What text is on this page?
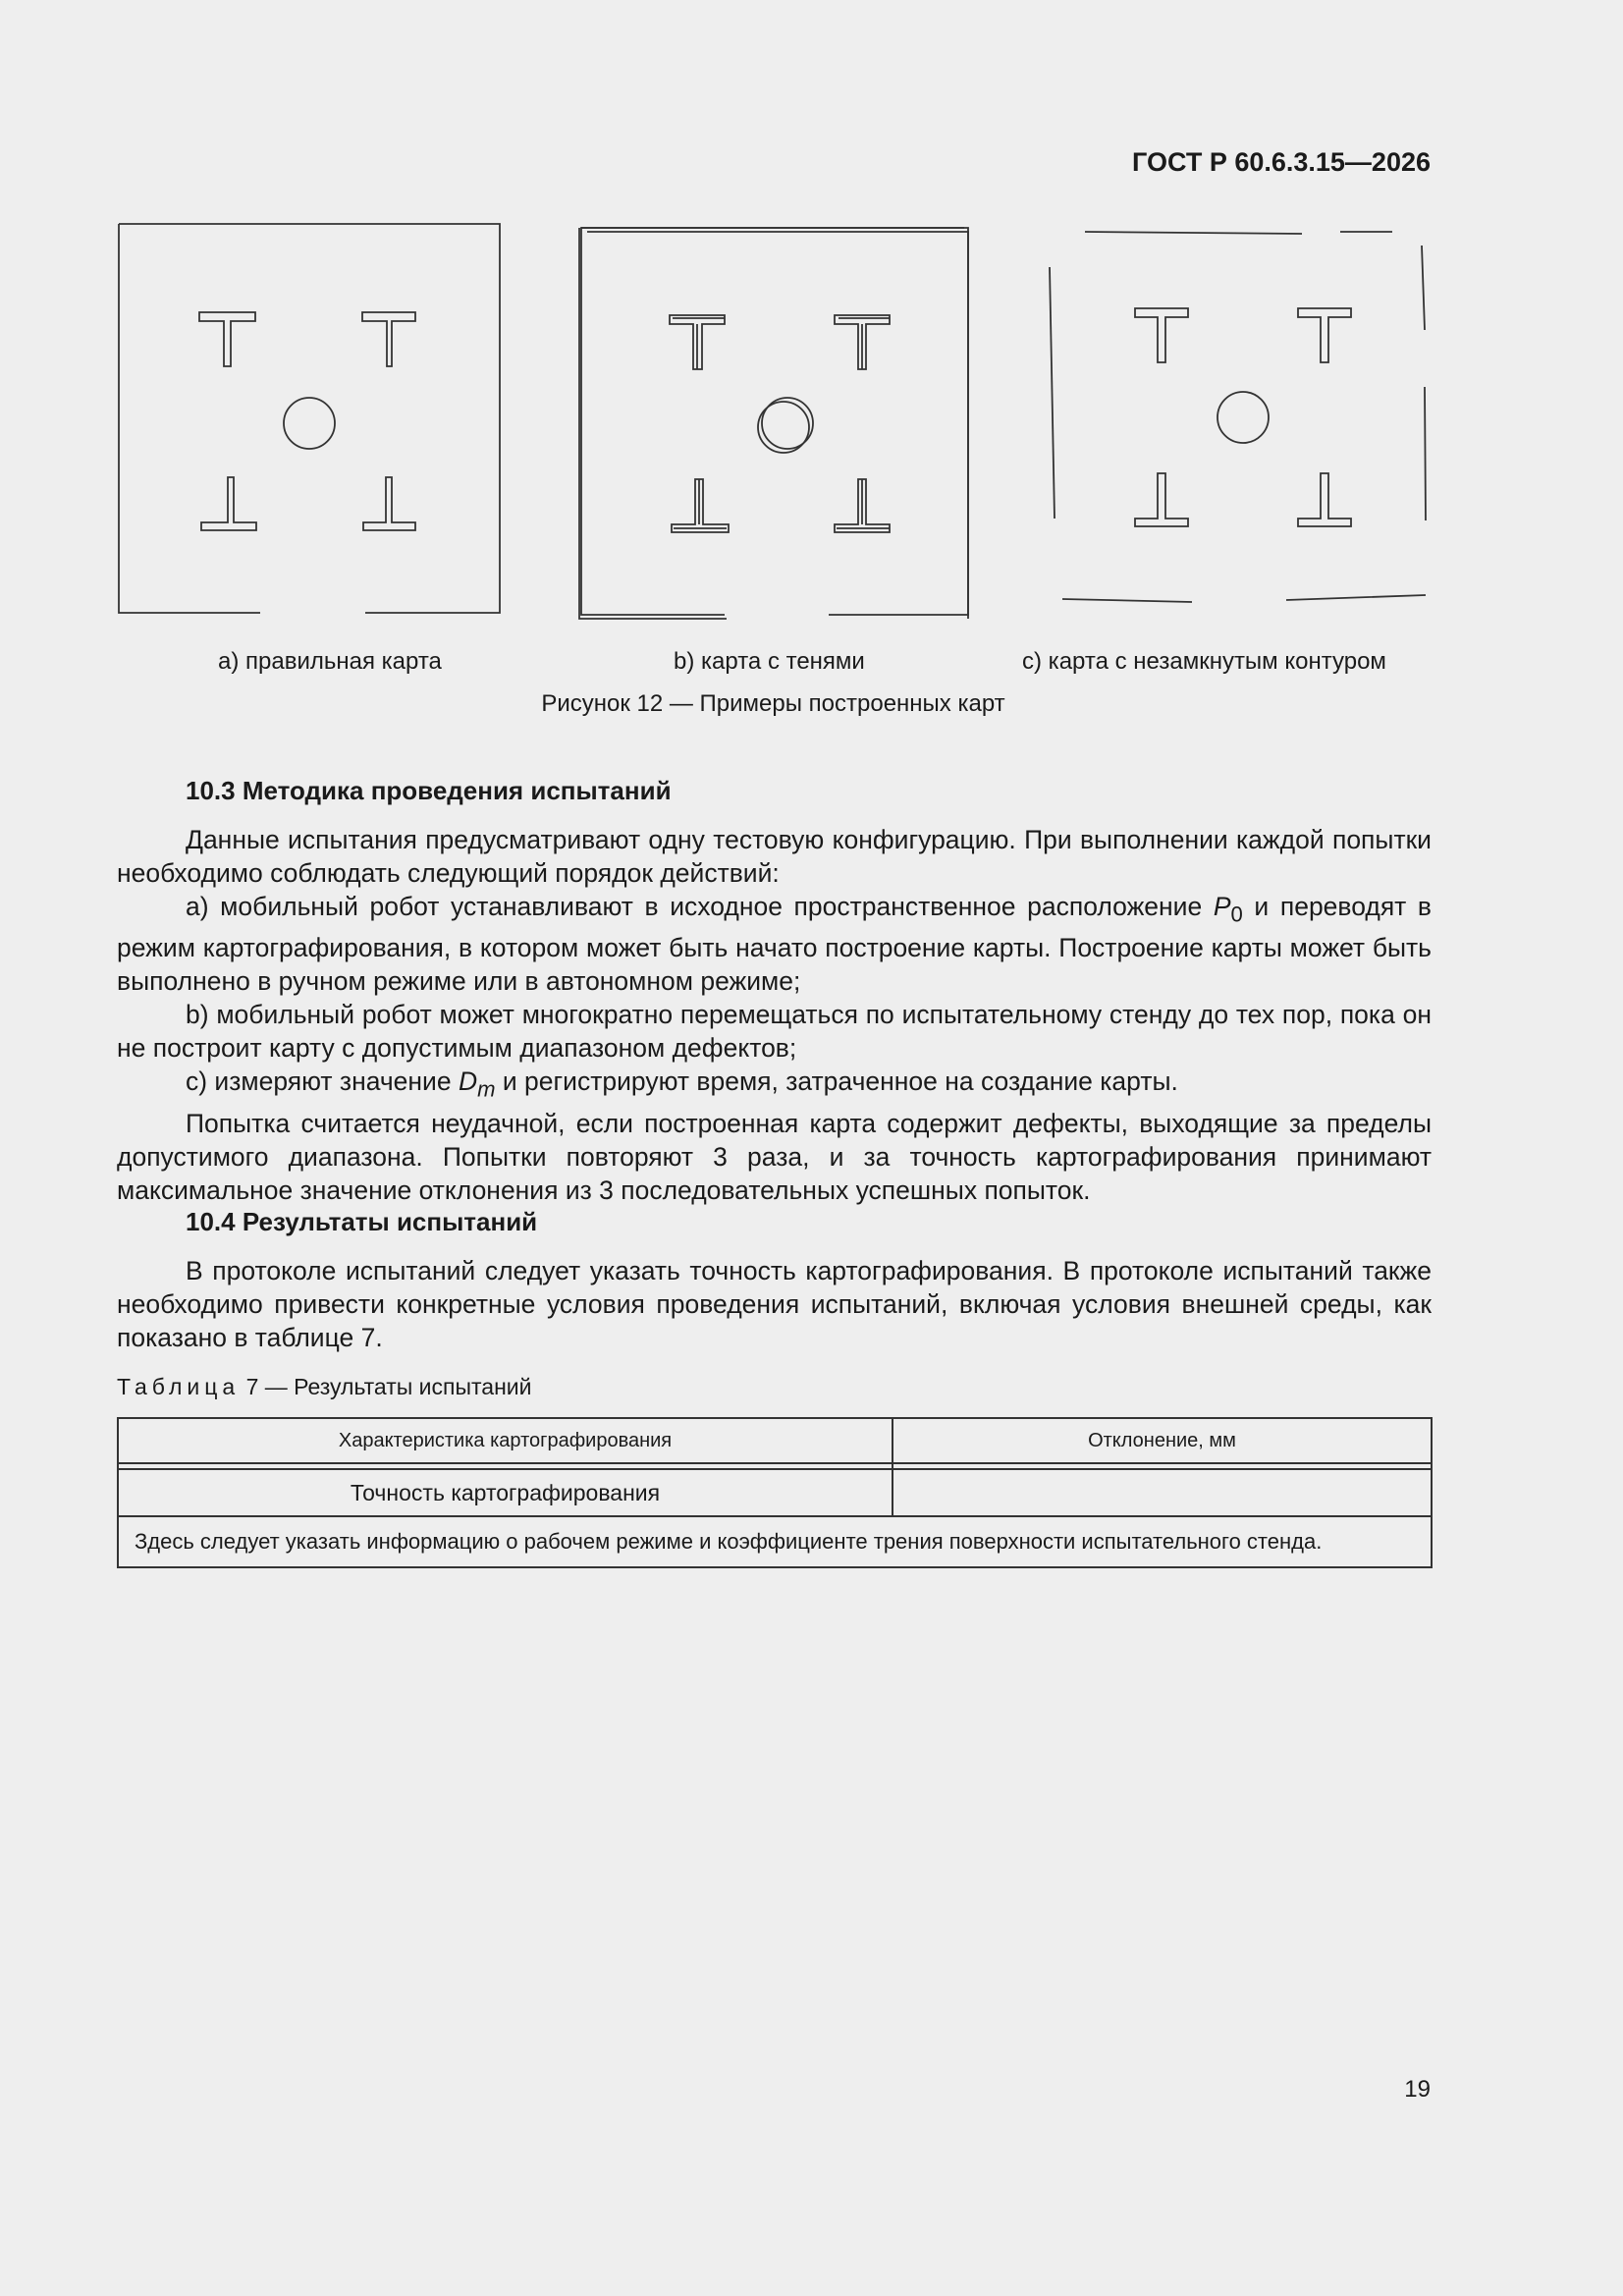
ГОСТ Р 60.6.3.15—2026
а) правильная карта	b) карта с тенями	с) карта с незамкнутым контуром
Рисунок 12 — Примеры построенных карт
10.3 Методика проведения испытаний

Данные испытания предусматривают одну тестовую конфигурацию. При выполнении каждой попытки необходимо соблюдать следующий порядок действий:

а) мобильный робот устанавливают в исходное пространственное расположение $P_0$ и переводят в режим картографирования, в котором может быть начато построение карты. Построение карты может быть выполнено в ручном режиме или в автономном режиме;

b) мобильный робот может многократно перемещаться по испытательному стенду до тех пор, пока он не построит карту с допустимым диапазоном дефектов;

с) измеряют значение $D_m$ и регистрируют время, затраченное на создание карты.

Попытка считается неудачной, если построенная карта содержит дефекты, выходящие за пределы допустимого диапазона. Попытки повторяют 3 раза, и за точность картографирования принимают максимальное значение отклонения из 3 последовательных успешных попыток.

10.4 Результаты испытаний

В протоколе испытаний следует указать точность картографирования. В протоколе испытаний также необходимо привести конкретные условия проведения испытаний, включая условия внешней среды, как показано в таблице 7.

Таблица 7 — Результаты испытаний
Характеристика картографирования	Отклонение, мм

Точность картографирования	
Здесь следует указать информацию о рабочем режиме и коэффициенте трения поверхности испытательного стенда.	
19
